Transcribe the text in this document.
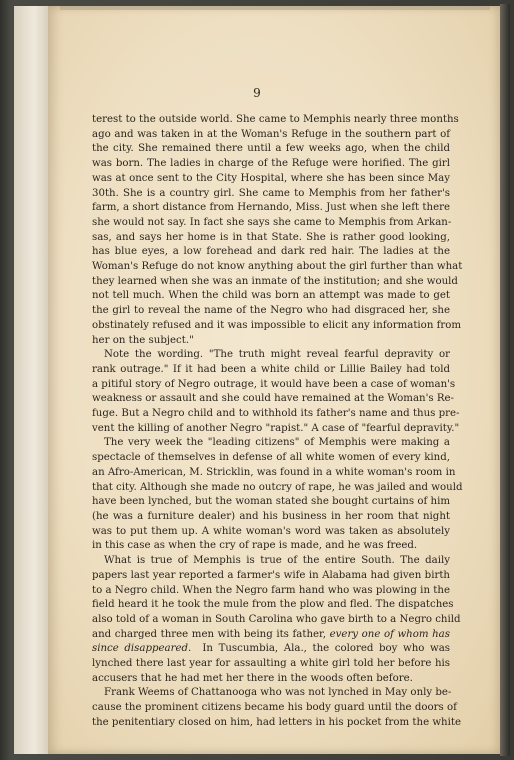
9

terest to the outside world. She came to Memphis nearly three months
ago and was taken in at the Woman's Refuge in the southern part of
the city. She remained there until a few weeks ago, when the child
was born. The ladies in charge of the Refuge were horified. The girl
was at once sent to the City Hospital, where she has been since May
30th. She is a country girl. She came to Memphis from her father's
farm, a short distance from Hernando, Miss. Just when she left there
she would not say. In fact she says she came to Memphis from Arkan-
sas, and says her home is in that State. She is rather good looking,
has blue eyes, a low forehead and dark red hair. The ladies at the
Woman's Refuge do not know anything about the girl further than what
they learned when she was an inmate of the institution; and she would
not tell much. When the child was born an attempt was made to get
the girl to reveal the name of the Negro who had disgraced her, she
obstinately refused and it was impossible to elicit any information from
her on the subject."

Note the wording. "The truth might reveal fearful depravity or
rank outrage." If it had been a white child or Lillie Bailey had told
a pitiful story of Negro outrage, it would have been a case of woman's
weakness or assault and she could have remained at the Woman's Re-
fuge. But a Negro child and to withhold its father's name and thus pre-
vent the killing of another Negro "rapist." A case of "fearful depravity."

The very week the "leading citizens" of Memphis were making a
spectacle of themselves in defense of all white women of every kind,
an Afro-American, M. Stricklin, was found in a white woman's room in
that city. Although she made no outcry of rape, he was jailed and would
have been lynched, but the woman stated she bought curtains of him
(he was a furniture dealer) and his business in her room that night
was to put them up. A white woman's word was taken as absolutely
in this case as when the cry of rape is made, and he was freed.

What is true of Memphis is true of the entire South. The daily
papers last year reported a farmer's wife in Alabama had given birth
to a Negro child. When the Negro farm hand who was plowing in the
field heard it he took the mule from the plow and fled. The dispatches
also told of a woman in South Carolina who gave birth to a Negro child
and charged three men with being its father, every one of whom has
since disappeared.  In Tuscumbia, Ala., the colored boy who was
lynched there last year for assaulting a white girl told her before his
accusers that he had met her there in the woods often before.

Frank Weems of Chattanooga who was not lynched in May only be-
cause the prominent citizens became his body guard until the doors of
the penitentiary closed on him, had letters in his pocket from the white
